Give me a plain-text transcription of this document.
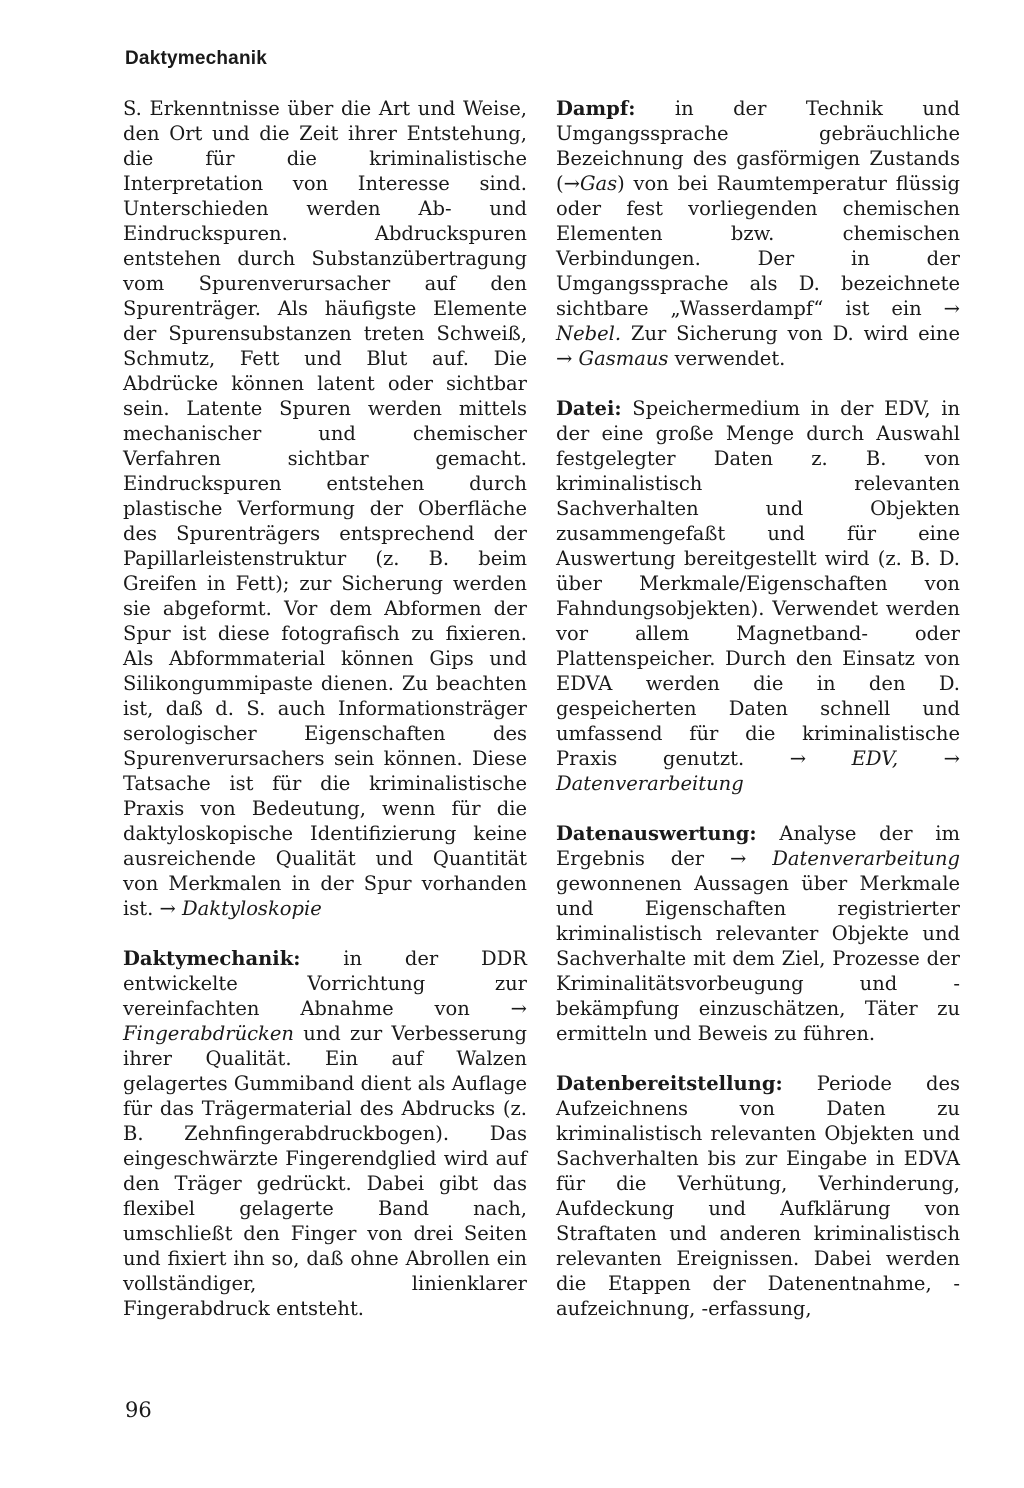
Daktymechanik

S. Erkenntnisse über die Art und Weise, den Ort und die Zeit ihrer Entstehung, die für die kriminalistische Interpretation von Interesse sind. Unterschieden werden Ab- und Eindruckspuren. Abdruckspuren entstehen durch Substanzübertragung vom Spurenverursacher auf den Spurenträger. Als häufigste Elemente der Spurensubstanzen treten Schweiß, Schmutz, Fett und Blut auf. Die Abdrücke können latent oder sichtbar sein. Latente Spuren werden mittels mechanischer und chemischer Verfahren sichtbar gemacht. Eindruckspuren entstehen durch plastische Verformung der Oberfläche des Spurenträgers entsprechend der Papillarleistenstruktur (z. B. beim Greifen in Fett); zur Sicherung werden sie abgeformt. Vor dem Abformen der Spur ist diese fotografisch zu fixieren. Als Abformmaterial können Gips und Silikongummipaste dienen. Zu beachten ist, daß d. S. auch Informationsträger serologischer Eigenschaften des Spurenverursachers sein können. Diese Tatsache ist für die kriminalistische Praxis von Bedeutung, wenn für die daktyloskopische Identifizierung keine ausreichende Qualität und Quantität von Merkmalen in der Spur vorhanden ist. → Daktyloskopie

Daktymechanik: in der DDR entwickelte Vorrichtung zur vereinfachten Abnahme von → Fingerabdrücken und zur Verbesserung ihrer Qualität. Ein auf Walzen gelagertes Gummiband dient als Auflage für das Trägermaterial des Abdrucks (z. B. Zehnfingerabdruckbogen). Das eingeschwärzte Fingerendglied wird auf den Träger gedrückt. Dabei gibt das flexibel gelagerte Band nach, umschließt den Finger von drei Seiten und fixiert ihn so, daß ohne Abrollen ein vollständiger, linienklarer Fingerabdruck entsteht.

Dampf: in der Technik und Umgangssprache gebräuchliche Bezeichnung des gasförmigen Zustands (→Gas) von bei Raumtemperatur flüssig oder fest vorliegenden chemischen Elementen bzw. chemischen Verbindungen. Der in der Umgangssprache als D. bezeichnete sichtbare „Wasserdampf“ ist ein → Nebel. Zur Sicherung von D. wird eine → Gasmaus verwendet.

Datei: Speichermedium in der EDV, in der eine große Menge durch Auswahl festgelegter Daten z. B. von kriminalistisch relevanten Sachverhalten und Objekten zusammengefaßt und für eine Auswertung bereitgestellt wird (z. B. D. über Merkmale/Eigenschaften von Fahndungsobjekten). Verwendet werden vor allem Magnetband- oder Plattenspeicher. Durch den Einsatz von EDVA werden die in den D. gespeicherten Daten schnell und umfassend für die kriminalistische Praxis genutzt. → EDV, → Datenverarbeitung

Datenauswertung: Analyse der im Ergebnis der → Datenverarbeitung gewonnenen Aussagen über Merkmale und Eigenschaften registrierter kriminalistisch relevanter Objekte und Sachverhalte mit dem Ziel, Prozesse der Kriminalitätsvorbeugung und -bekämpfung einzuschätzen, Täter zu ermitteln und Beweis zu führen.

Datenbereitstellung: Periode des Aufzeichnens von Daten zu kriminalistisch relevanten Objekten und Sachverhalten bis zur Eingabe in EDVA für die Verhütung, Verhinderung, Aufdeckung und Aufklärung von Straftaten und anderen kriminalistisch relevanten Ereignissen. Dabei werden die Etappen der Datenentnahme, -aufzeichnung, -erfassung,

96
